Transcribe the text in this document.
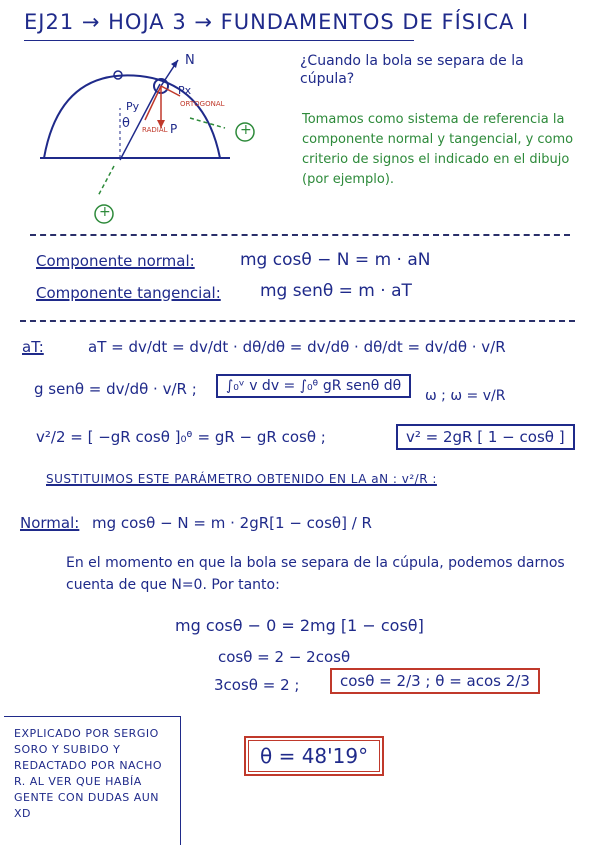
EJ21 → HOJA 3 → FUNDAMENTOS DE FÍSICA I
N
Px
Py
P
θ
ORTOGONAL
RADIAL	+
+
¿Cuando la bola se separa de la cúpula?
Tomamos como sistema de referencia la componente normal y tangencial, y como criterio de signos el indicado en el dibujo (por ejemplo).
Componente normal:	mg cosθ − N = m · aN
Componente tangencial: mg senθ = m · aT
aT:	aT = dv/dt = dv/dt · dθ/dθ = dv/dθ · dθ/dt = dv/dθ · v/R
g senθ = dv/dθ · v/R ;	∫₀ᵛ v dv = ∫₀ᶿ gR senθ dθ
ω ; ω = v/R
v²/2 = [ −gR cosθ ]₀ᶿ = gR − gR cosθ ;	v² = 2gR [ 1 − cosθ ]
SUSTITUIMOS ESTE PARÁMETRO OBTENIDO EN LA aN : v²/R :
Normal: mg cosθ − N = m · 2gR[1 − cosθ] / R
En el momento en que la bola se separa de la cúpula, podemos darnos cuenta de que N=0. Por tanto:
mg cosθ − 0 = 2mg [1 − cosθ]
cosθ = 2 − 2cosθ
3cosθ = 2 ;	cosθ = 2/3 ; θ = acos 2/3
θ = 48'19°
EXPLICADO POR SERGIO SORO Y SUBIDO Y REDACTADO POR NACHO R. AL VER QUE HABÍA GENTE CON DUDAS AUN XD
